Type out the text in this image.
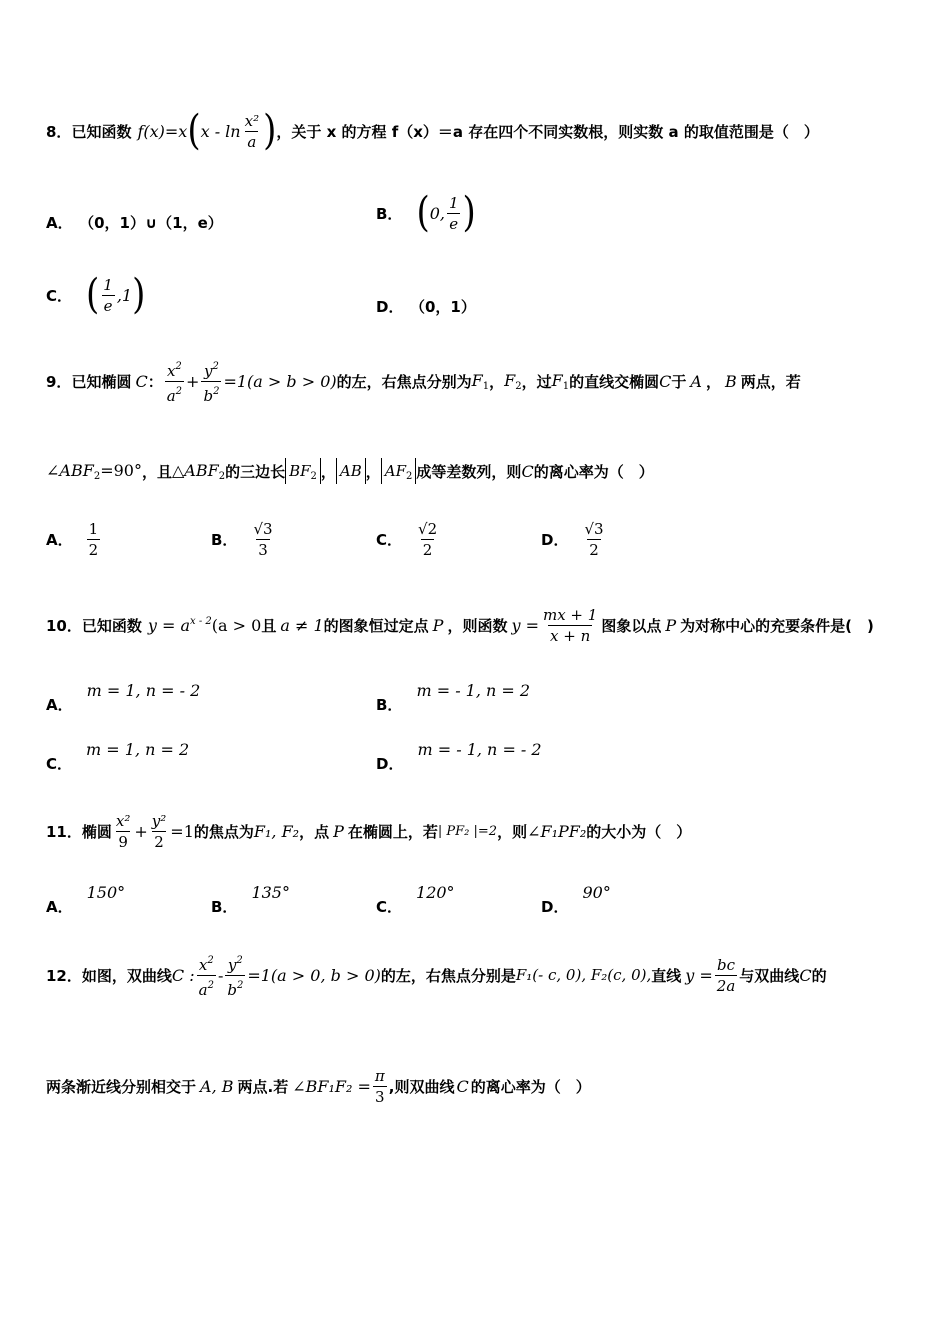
8． 已知函数 f(x)=x ( x - $\ln \frac{\text{x²}}{a}$ ) ，关于 x 的方程 f（x）＝a 存在四个不同实数根，则实数 a 的取值范围是（　）
A． （0，1）∪（1，e）
B． ( 0, $\frac{1}{e}$ )
C． ( $\frac{1}{e} ,1$ )	D． （0，1）
9． 已知椭圆 C ： $\frac{x^2}{a^2} + \frac{y^2}{b^2} =1(a > b > 0)$ 的左，右焦点分别为 $F_1$ ， $F_2$ ，过 $F_1$ 的直线交椭圆 C 于 A ， B 两点，若
$\angle ABF_2=90^\circ$ ，且 $\triangle ABF_2$ 的三边长 $BF_2$ ， AB ， $AF_2$ 成等差数列，则 C 的离心率为（　）
A． $\frac{1}{2}$	B． $\frac{√3}{3}$	C． $\frac{√2}{2}$	D． $\frac{√3}{2}$
10． 已知函数 $y = a^{x - 2}$ (a > 0 且 a ≠ 1 的图象恒过定点 P ，则函数 $y = \frac{mx + 1}{x + n}$ 图象以点 P 为对称中心的充要条件是(　)
A．m = 1, n = - 2
B．m = - 1, n = 2
C．m = 1, n = 2
D．m = - 1, n = - 2
11． 椭圆 $\frac{\text{x²}}{9} + \frac{\text{y²}}{2} =1$ 的焦点为 F₁, F₂ ，点 P 在椭圆上，若 | PF₂ |=2 ，则 ∠F₁PF₂ 的大小为（　）
A．150°
B．135°
C．120°
D．90°
12． 如图，双曲线 C : $\frac{x^2}{a^2} - \frac{y^2}{b^2} =1(a > 0$, b > 0) 的左，右焦点分别是 F₁(- c, 0), F₂(c, 0), 直线 $y = \frac{bc}{2a}$ 与双曲线 C 的
两条渐近线分别相交于 A, B 两点.若 ∠BF₁F₂ = $\frac{\pi}{3}$ ,则双曲线 C 的离心率为（　）
